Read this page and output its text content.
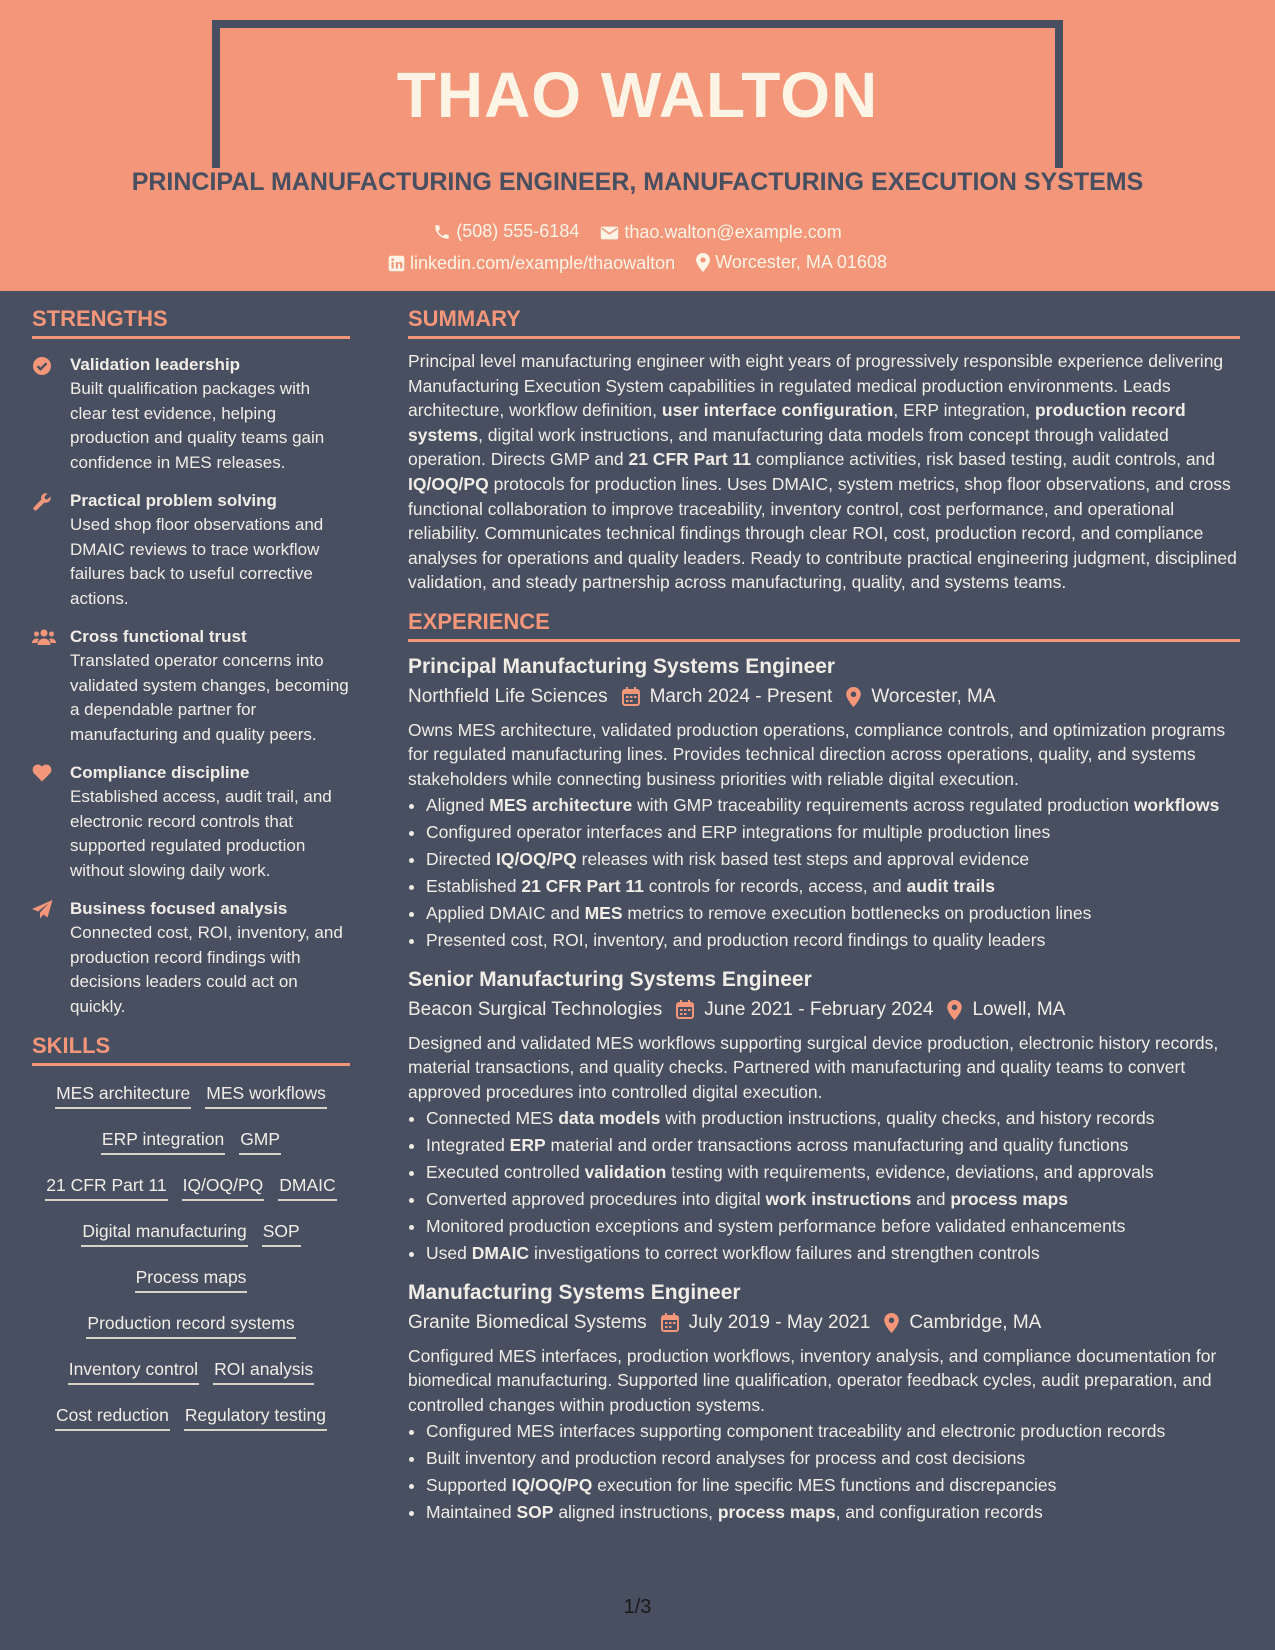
THAO WALTON
PRINCIPAL MANUFACTURING ENGINEER, MANUFACTURING EXECUTION SYSTEMS
(508) 555-6184
	thao.walton@example.com
linkedin.com/example/thaowalton
Worcester, MA 01608
STRENGTHS
Validation leadership
Built qualification packages with clear test evidence, helping production and quality teams gain confidence in MES releases.
Practical problem solving
Used shop floor observations and DMAIC reviews to trace workflow failures back to useful corrective actions.
Cross functional trust
Translated operator concerns into validated system changes, becoming a dependable partner for manufacturing and quality peers.
Compliance discipline
Established access, audit trail, and electronic record controls that supported regulated production without slowing daily work.
Business focused analysis
Connected cost, ROI, inventory, and production record findings with decisions leaders could act on quickly.
SKILLS
MES architecture MES workflows
ERP integration GMP
21 CFR Part 11 IQ/OQ/PQ DMAIC
Digital manufacturing SOP
Process maps
Production record systems
Inventory control ROI analysis
Cost reduction Regulatory testing
SUMMARY
Principal level manufacturing engineer with eight years of progressively responsible experience delivering Manufacturing Execution System capabilities in regulated medical production environments. Leads architecture, workflow definition, user interface configuration, ERP integration, production record systems, digital work instructions, and manufacturing data models from concept through validated operation. Directs GMP and 21 CFR Part 11 compliance activities, risk based testing, audit controls, and IQ/OQ/PQ protocols for production lines. Uses DMAIC, system metrics, shop floor observations, and cross functional collaboration to improve traceability, inventory control, cost performance, and operational reliability. Communicates technical findings through clear ROI, cost, production record, and compliance analyses for operations and quality leaders. Ready to contribute practical engineering judgment, disciplined validation, and steady partnership across manufacturing, quality, and systems teams.
EXPERIENCE
Principal Manufacturing Systems Engineer
Northfield Life Sciences March 2024 - Present Worcester, MA
Owns MES architecture, validated production operations, compliance controls, and optimization programs for regulated manufacturing lines. Provides technical direction across operations, quality, and systems stakeholders while connecting business priorities with reliable digital execution.
• Aligned MES architecture with GMP traceability requirements across regulated production workflows
• Configured operator interfaces and ERP integrations for multiple production lines
• Directed IQ/OQ/PQ releases with risk based test steps and approval evidence
• Established 21 CFR Part 11 controls for records, access, and audit trails
• Applied DMAIC and MES metrics to remove execution bottlenecks on production lines
• Presented cost, ROI, inventory, and production record findings to quality leaders
Senior Manufacturing Systems Engineer
Beacon Surgical Technologies June 2021 - February 2024 Lowell, MA
Designed and validated MES workflows supporting surgical device production, electronic history records, material transactions, and quality checks. Partnered with manufacturing and quality teams to convert approved procedures into controlled digital execution.
• Connected MES data models with production instructions, quality checks, and history records
• Integrated ERP material and order transactions across manufacturing and quality functions
• Executed controlled validation testing with requirements, evidence, deviations, and approvals
• Converted approved procedures into digital work instructions and process maps
• Monitored production exceptions and system performance before validated enhancements
• Used DMAIC investigations to correct workflow failures and strengthen controls
Manufacturing Systems Engineer
Granite Biomedical Systems July 2019 - May 2021 Cambridge, MA
Configured MES interfaces, production workflows, inventory analysis, and compliance documentation for biomedical manufacturing. Supported line qualification, operator feedback cycles, audit preparation, and controlled changes within production systems.
• Configured MES interfaces supporting component traceability and electronic production records
• Built inventory and production record analyses for process and cost decisions
• Supported IQ/OQ/PQ execution for line specific MES functions and discrepancies
• Maintained SOP aligned instructions, process maps, and configuration records
1/3
